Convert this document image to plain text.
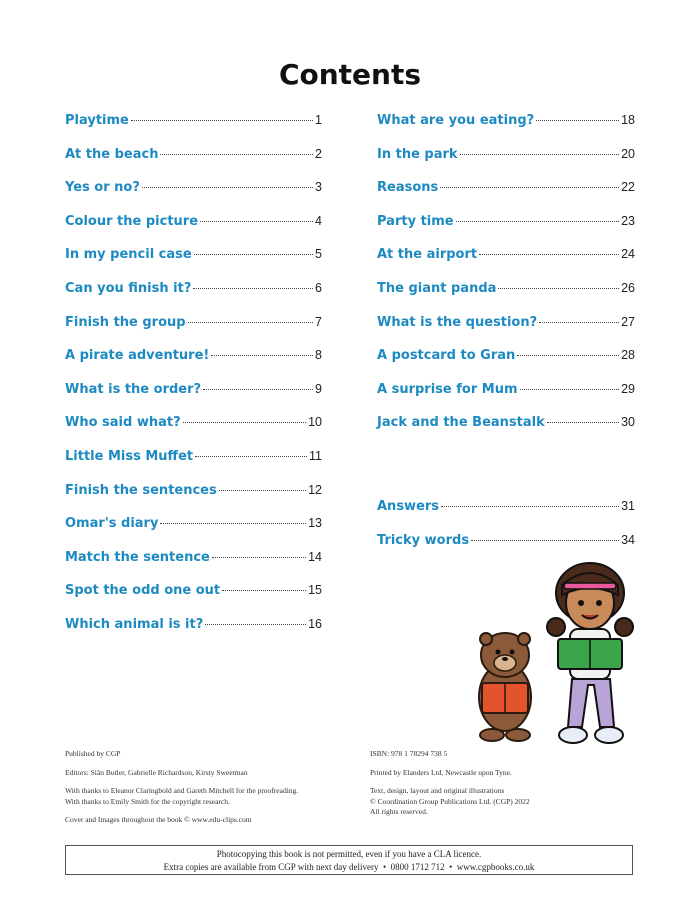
Contents
Playtime	1
At the beach	2
Yes or no?	3
Colour the picture	4
In my pencil case	5
Can you finish it?	6
Finish the group	7
A pirate adventure!	8
What is the order?	9
Who said what?	10
Little Miss Muffet	11
Finish the sentences	12
Omar's diary	13
Match the sentence	14
Spot the odd one out	15
Which animal is it?	16
What are you eating?	18
In the park	20
Reasons	22
Party time	23
At the airport	24
The giant panda	26
What is the question?	27
A postcard to Gran	28
A surprise for Mum	29
Jack and the Beanstalk	30
Answers	31
Tricky words	34

Published by CGP

Editors: Siân Butler, Gabrielle Richardson, Kirsty Sweetman

With thanks to Eleanor Claringbold and Gareth Mitchell for the proofreading.

With thanks to Emily Smith for the copyright research.

Cover and Images throughout the book © www.edu-clips.com

ISBN: 978 1 78294 738 5

Printed by Elanders Ltd, Newcastle upon Tyne.

Text, design, layout and original illustrations

© Coordination Group Publications Ltd. (CGP) 2022

All rights reserved.

Photocopying this book is not permitted, even if you have a CLA licence.
Extra copies are available from CGP with next day delivery  •  0800 1712 712  •  www.cgpbooks.co.uk
